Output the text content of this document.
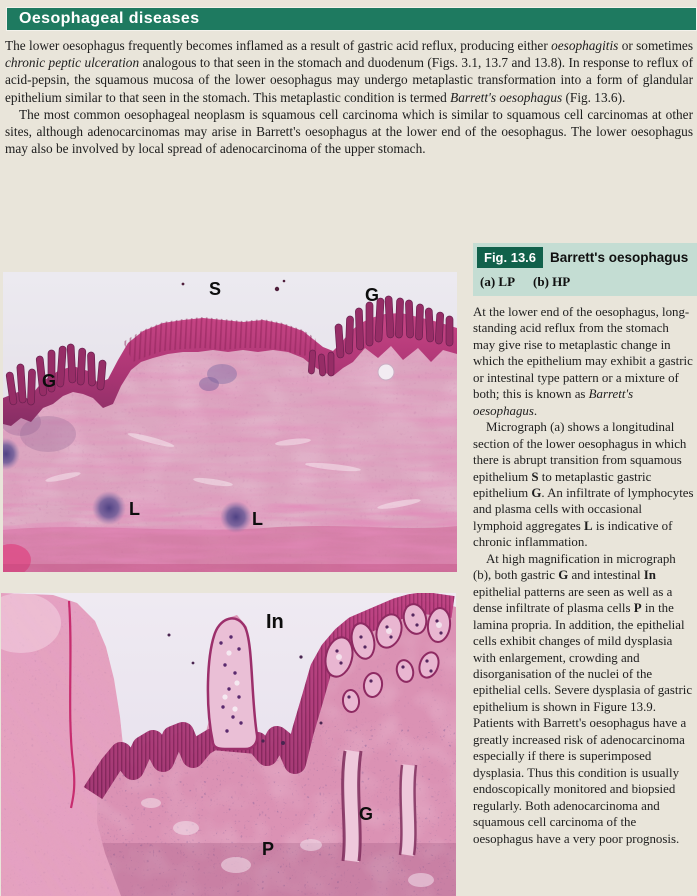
Oesophageal diseases

The lower oesophagus frequently becomes inflamed as a result of gastric acid reflux, producing either oesophagitis or sometimes chronic peptic ulceration analogous to that seen in the stomach and duodenum (Figs. 3.1, 13.7 and 13.8). In response to reflux of acid-pepsin, the squamous mucosa of the lower oesophagus may undergo metaplastic transformation into a form of glandular epithelium similar to that seen in the stomach. This metaplastic condition is termed Barrett's oesophagus (Fig. 13.6).

The most common oesophageal neoplasm is squamous cell carcinoma which is similar to squamous cell carcinomas at other sites, although adenocarcinomas may arise in Barrett's oesophagus at the lower end of the oesophagus. The lower oesophagus may also be involved by local spread of adenocarcinoma of the upper stomach.

S	G
G
L	L
In
G
P
Fig. 13.6 Barrett's oesophagus
(a) LP (b) HP

At the lower end of the oesophagus, long-standing acid reflux from the stomach may give rise to metaplastic change in which the epithelium may exhibit a gastric or intestinal type pattern or a mixture of both; this is known as Barrett's oesophagus.

Micrograph (a) shows a longitudinal section of the lower oesophagus in which there is abrupt transition from squamous epithelium S to metaplastic gastric epithelium G. An infiltrate of lymphocytes and plasma cells with occasional lymphoid aggregates L is indicative of chronic inflammation.

At high magnification in micrograph (b), both gastric G and intestinal In epithelial patterns are seen as well as a dense infiltrate of plasma cells P in the lamina propria. In addition, the epithelial cells exhibit changes of mild dysplasia with enlargement, crowding and disorganisation of the nuclei of the epithelial cells. Severe dysplasia of gastric epithelium is shown in Figure 13.9. Patients with Barrett's oesophagus have a greatly increased risk of adenocarcinoma especially if there is superimposed dysplasia. Thus this condition is usually endoscopically monitored and biopsied regularly. Both adenocarcinoma and squamous cell carcinoma of the oesophagus have a very poor prognosis.
